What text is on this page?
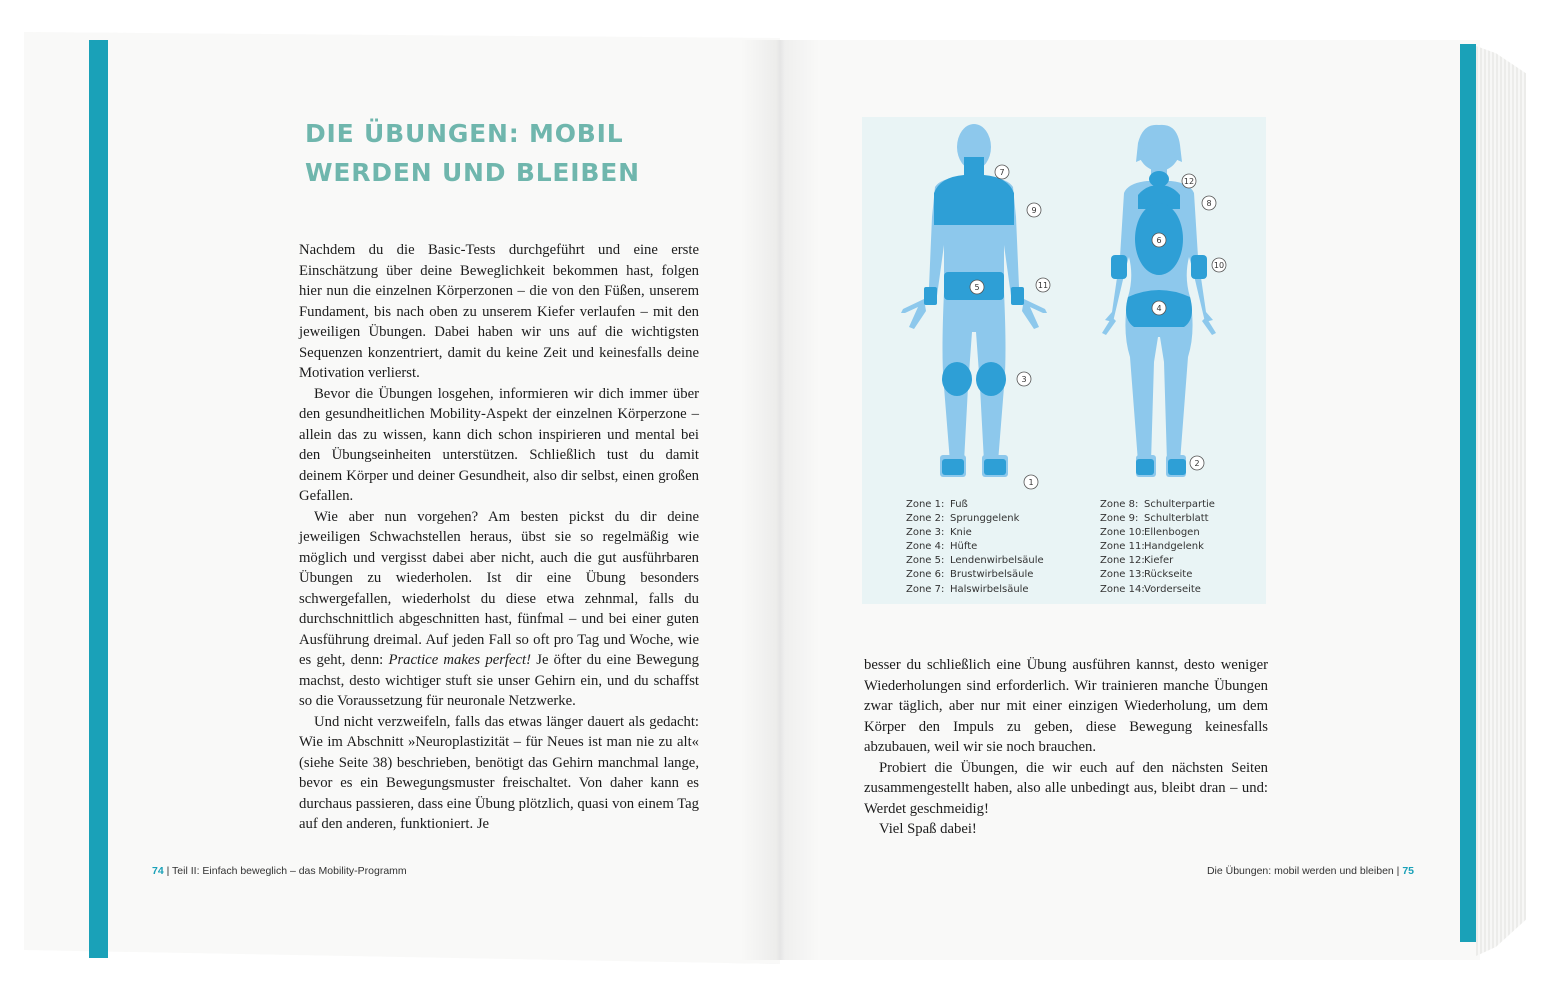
DIE ÜBUNGEN: MOBIL
WERDEN UND BLEIBEN

Nachdem du die Basic-Tests durchgeführt und eine erste Einschätzung über deine Beweglichkeit bekommen hast, folgen hier nun die einzelnen Körperzonen – die von den Füßen, unserem Fundament, bis nach oben zu unserem Kiefer verlaufen – mit den jeweiligen Übungen. Dabei haben wir uns auf die wichtigsten Sequenzen konzentriert, damit du keine Zeit und keinesfalls deine Motivation verlierst.

Bevor die Übungen losgehen, informieren wir dich immer über den gesundheitlichen Mobility-Aspekt der einzelnen Körperzone – allein das zu wissen, kann dich schon inspirieren und mental bei den Übungseinheiten unterstützen. Schließlich tust du damit deinem Körper und deiner Gesundheit, also dir selbst, einen großen Gefallen.

Wie aber nun vorgehen? Am besten pickst du dir deine jeweiligen Schwachstellen heraus, übst sie so regelmäßig wie möglich und vergisst dabei aber nicht, auch die gut ausführbaren Übungen zu wiederholen. Ist dir eine Übung besonders schwergefallen, wiederholst du diese etwa zehnmal, falls du durchschnittlich abgeschnitten hast, fünfmal – und bei einer guten Ausführung dreimal. Auf jeden Fall so oft pro Tag und Woche, wie es geht, denn: Practice makes perfect! Je öfter du eine Bewegung machst, desto wichtiger stuft sie unser Gehirn ein, und du schaffst so die Voraussetzung für neuronale Netzwerke.

Und nicht verzweifeln, falls das etwas länger dauert als gedacht: Wie im Abschnitt »Neuroplastizität – für Neues ist man nie zu alt« (siehe Seite 38) beschrieben, benötigt das Gehirn manchmal lange, bevor es ein Bewegungsmuster freischaltet. Von daher kann es durchaus passieren, dass eine Übung plötzlich, quasi von einem Tag auf den anderen, funktioniert. Je

74 | Teil II: Einfach beweglich – das Mobility-Programm
7
9
11
5
3
1
12
8
6
10
4
2
Zone 1: Fuß
Zone 2: Sprunggelenk
Zone 3: Knie
Zone 4: Hüfte
Zone 5: Lendenwirbelsäule
Zone 6: Brustwirbelsäule
Zone 7: Halswirbelsäule
Zone 8: Schulterpartie
Zone 9: Schulterblatt
Zone 10:Ellenbogen
Zone 11:Handgelenk
Zone 12:Kiefer
Zone 13:Rückseite
Zone 14:Vorderseite

besser du schließlich eine Übung ausführen kannst, desto weniger Wiederholungen sind erforderlich. Wir trainieren manche Übungen zwar täglich, aber nur mit einer einzigen Wiederholung, um dem Körper den Impuls zu geben, diese Bewegung keinesfalls abzubauen, weil wir sie noch brauchen.

Probiert die Übungen, die wir euch auf den nächsten Seiten zusammengestellt haben, also alle unbedingt aus, bleibt dran – und: Werdet geschmeidig!

Viel Spaß dabei!

Die Übungen: mobil werden und bleiben | 75
